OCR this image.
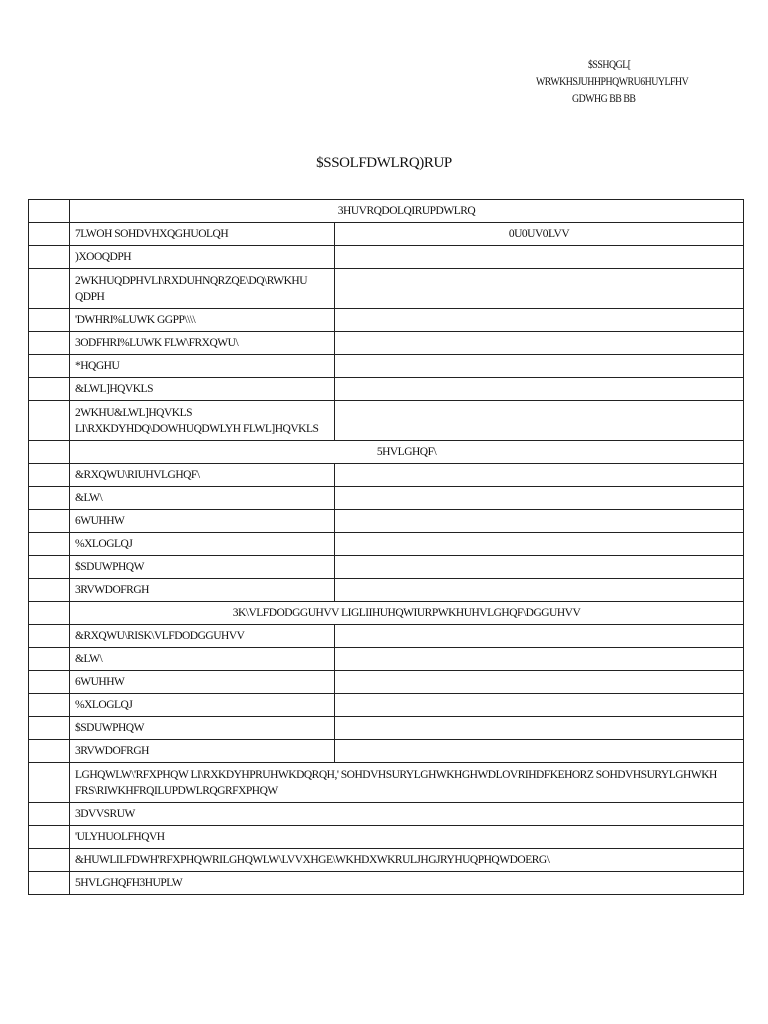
$SSHQGL[
WRWKHSJUHHPHQWRU6HUYLFHV
GDWHG BB BB
$SSOLFDWLRQ)RUP
	3HUVRQDOLQIRUPDWLRQ	
	7LWOH SOHDVHXQGHUOLQH	0U0UV0LVV
	)XOOQDPH	
	2WKHUQDPHVLI\RXDUHNQRZQE\DQ\RWKHU QDPH	
	'DWHRI%LUWK GGPP\\\\	
	3ODFHRI%LUWK FLW\FRXQWU\	
	*HQGHU	
	&LWL]HQVKLS	
	2WKHU&LWL]HQVKLS LI\RXKDYHDQ\DOWHUQDWLYH FLWL]HQVKLS	
	5HVLGHQF\	
	&RXQWU\RIUHVLGHQF\	
	&LW\	
	6WUHHW	
	%XLOGLQJ	
	$SDUWPHQW	
	3RVWDOFRGH	
	3K\VLFDODGGUHVV LIGLIIHUHQWIURPWKHUHVLGHQF\DGGUHVV	
	&RXQWU\RISK\VLFDODGGUHVV	
	&LW\	
	6WUHHW	
	%XLOGLQJ	
	$SDUWPHQW	
	3RVWDOFRGH	
	LGHQWLW\'RFXPHQW LI\RXKDYHPRUHWKDQRQH,' SOHDVHSURYLGHWKHGHWDLOVRIHDFKEHORZ SOHDVHSURYLGHWKH FRS\RIWKHFRQILUPDWLRQGRFXPHQW	
	3DVVSRUW	
	'ULYHUOLFHQVH	
	&HUWLILFDWH'RFXPHQWRILGHQWLW\LVVXHGE\WKHDXWKRULJHGJRYHUQPHQWDOERG\	
	5HVLGHQFH3HUPLW	
